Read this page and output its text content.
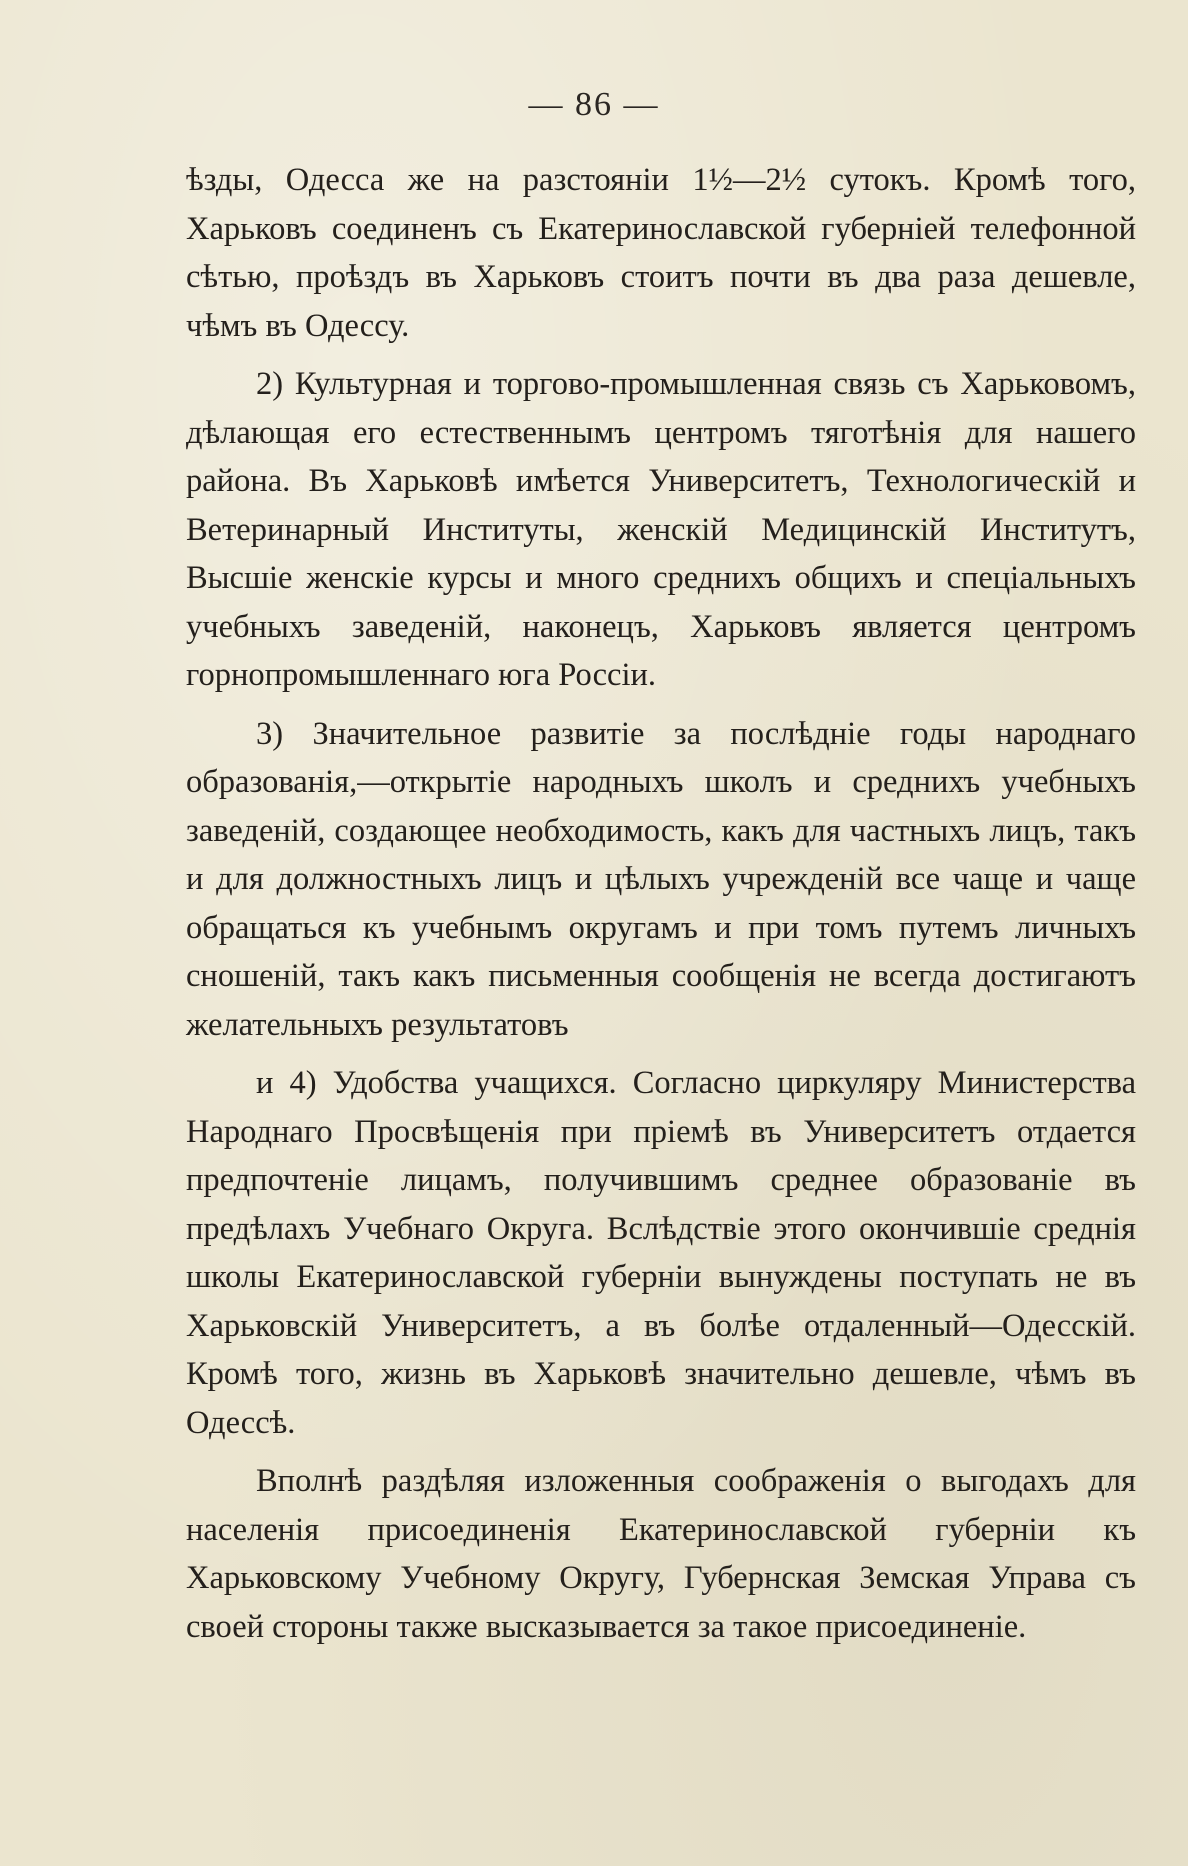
— 86 —

ѣзды, Одесса же на разстояніи 1½—2½ сутокъ. Кромѣ того, Харьковъ соединенъ съ Екатеринославской губерніей телефонной сѣтью, проѣздъ въ Харьковъ стоитъ почти въ два раза дешевле, чѣмъ въ Одессу.

2) Культурная и торгово-промышленная связь съ Харьковомъ, дѣлающая его естественнымъ центромъ тяготѣнія для нашего района. Въ Харьковѣ имѣется Университетъ, Технологическій и Ветеринарный Институты, женскій Медицинскій Институтъ, Высшіе женскіе курсы и много среднихъ общихъ и спеціальныхъ учебныхъ заведеній, наконецъ, Харьковъ является центромъ горнопромышленнаго юга Россіи.

3) Значительное развитіе за послѣдніе годы народнаго образованія,—открытіе народныхъ школъ и среднихъ учебныхъ заведеній, создающее необходимость, какъ для частныхъ лицъ, такъ и для должностныхъ лицъ и цѣлыхъ учрежденій все чаще и чаще обращаться къ учебнымъ округамъ и при томъ путемъ личныхъ сношеній, такъ какъ письменныя сообщенія не всегда достигаютъ желательныхъ результатовъ

и 4) Удобства учащихся. Согласно циркуляру Министерства Народнаго Просвѣщенія при пріемѣ въ Университетъ отдается предпочтеніе лицамъ, получившимъ среднее образованіе въ предѣлахъ Учебнаго Округа. Вслѣдствіе этого окончившіе среднія школы Екатеринославской губерніи вынуждены поступать не въ Харьковскій Университетъ, а въ болѣе отдаленный—Одесскій. Кромѣ того, жизнь въ Харьковѣ значительно дешевле, чѣмъ въ Одессѣ.

Вполнѣ раздѣляя изложенныя соображенія о выгодахъ для населенія присоединенія Екатеринославской губерніи къ Харьковскому Учебному Округу, Губернская Земская Управа съ своей стороны также высказывается за такое присоединеніе.
